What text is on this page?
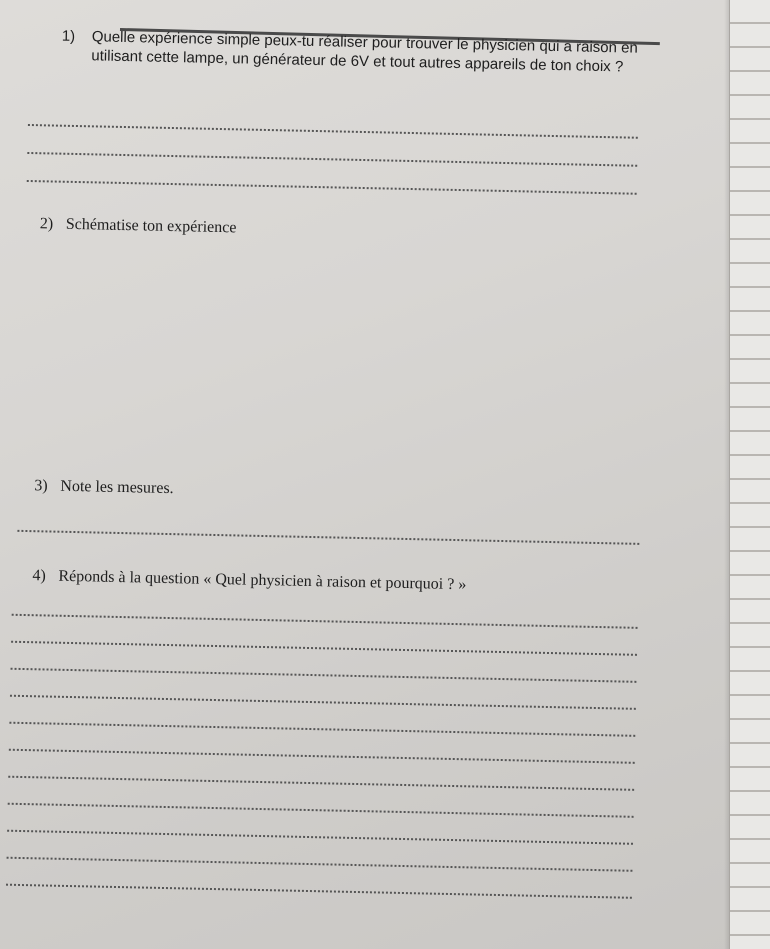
1) Quelle expérience simple peux-tu réaliser pour trouver le physicien qui a raison en utilisant cette lampe, un générateur de 6V et tout autres appareils de ton choix ?
2) Schématise ton expérience
3) Note les mesures.
4) Réponds à la question « Quel physicien à raison et pourquoi ? »
